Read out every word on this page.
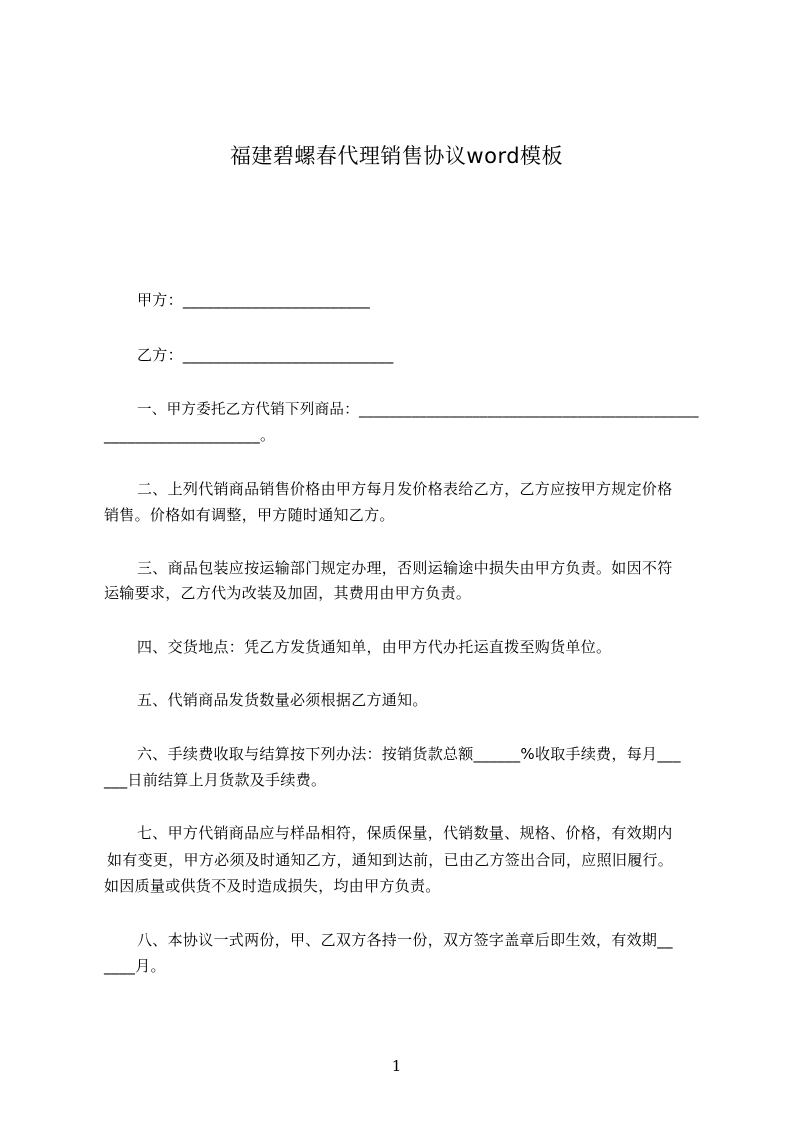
福建碧螺春代理销售协议word模板
甲方：________________________
乙方：___________________________
一、甲方委托乙方代销下列商品：_____________________________________________
____________________。
二、上列代销商品销售价格由甲方每月发价格表给乙方，乙方应按甲方规定价格
销售。价格如有调整，甲方随时通知乙方。
三、商品包装应按运输部门规定办理，否则运输途中损失由甲方负责。如因不符
运输要求，乙方代为改装及加固，其费用由甲方负责。
四、交货地点：凭乙方发货通知单，由甲方代办托运直拨至购货单位。
五、代销商品发货数量必须根据乙方通知。
六、手续费收取与结算按下列办法：按销货款总额______%收取手续费，每月___
___日前结算上月货款及手续费。
七、甲方代销商品应与样品相符，保质保量，代销数量、规格、价格，有效期内
如有变更，甲方必须及时通知乙方，通知到达前，已由乙方签出合同，应照旧履行。
如因质量或供货不及时造成损失，均由甲方负责。
八、本协议一式两份，甲、乙双方各持一份，双方签字盖章后即生效，有效期__
____月。
1
